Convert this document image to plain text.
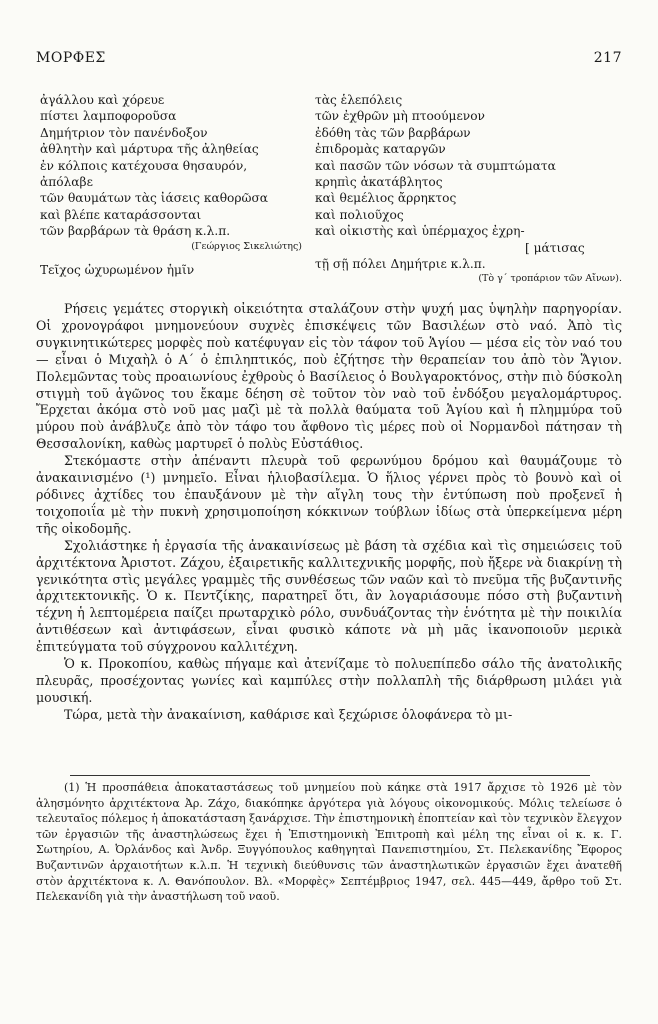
ΜΟΡΦΕΣ	217
ἀγάλλου καὶ χόρευε
πίστει λαμποφοροῦσα
Δημήτριον τὸν πανένδοξον
ἀθλητὴν καὶ μάρτυρα τῆς ἀληθείας
ἐν κόλποις κατέχουσα θησαυρόν,
ἀπόλαβε
τῶν θαυμάτων τὰς ἰάσεις καθορῶσα
καὶ βλέπε καταράσσονται
τῶν βαρβάρων τὰ θράση κ.λ.π.
(Γεώργιος Σικελιώτης)
Τεῖχος ὠχυρωμένον ἡμῖν
τὰς ἑλεπόλεις
τῶν ἐχθρῶν μὴ πτοούμενον
ἐδόθη τὰς τῶν βαρβάρων
ἐπιδρομὰς καταργῶν
καὶ πασῶν τῶν νόσων τὰ συμπτώματα
κρηπὶς ἀκατάβλητος
καὶ θεμέλιος ἄρρηκτος
καὶ πολιοῦχος
καὶ οἰκιστὴς καὶ ὑπέρμαχος ἐχρη-
[ μάτισας
τῇ σῇ πόλει Δημήτριε κ.λ.π.
(Τὸ γ΄ τροπάριον τῶν Αἴνων).

Ρήσεις γεμάτες στοργικὴ οἰκειότητα σταλάζουν στὴν ψυχή μας ὑψηλὴν παρηγορίαν. Οἱ χρονογράφοι μνημονεύουν συχνὲς ἐπισκέψεις τῶν Βασιλέων στὸ ναό. Ἀπὸ τὶς συγκινητικώτερες μορφὲς ποὺ κατέφυγαν εἰς τὸν τάφον τοῦ Ἁγίου — μέσα εἰς τὸν ναό του — εἶναι ὁ Μιχαὴλ ὁ Α΄ ὁ ἐπιληπτικός, ποὺ ἐζήτησε τὴν θεραπείαν του ἀπὸ τὸν Ἅγιον. Πολεμῶντας τοὺς προαιωνίους ἐχθροὺς ὁ Βασίλειος ὁ Βουλγαροκτόνος, στὴν πιὸ δύσκολη στιγμὴ τοῦ ἀγῶνος του ἔκαμε δέηση σὲ τοῦτον τὸν ναὸ τοῦ ἐνδόξου μεγαλομάρτυρος. Ἔρχεται ἀκόμα στὸ νοῦ μας μαζὶ μὲ τὰ πολλὰ θαύματα τοῦ Ἁγίου καὶ ἡ πλημμύρα τοῦ μύρου ποὺ ἀνάβλυζε ἀπὸ τὸν τάφο του ἄφθονο τὶς μέρες ποὺ οἱ Νορμανδοὶ πάτησαν τὴ Θεσσαλονίκη, καθὼς μαρτυρεῖ ὁ πολὺς Εὐστάθιος.

Στεκόμαστε στὴν ἀπέναντι πλευρὰ τοῦ φερωνύμου δρόμου καὶ θαυμάζουμε τὸ ἀνακαινισμένο (¹) μνημεῖο. Εἶναι ἡλιοβασίλεμα. Ὁ ἥλιος γέρνει πρὸς τὸ βουνὸ καὶ οἱ ρόδινες ἀχτίδες του ἐπαυξάνουν μὲ τὴν αἴγλη τους τὴν ἐντύπωση ποὺ προξενεῖ ἡ τοιχοποιΐα μὲ τὴν πυκνὴ χρησιμοποίηση κόκκινων τούβλων ἰδίως στὰ ὑπερκείμενα μέρη τῆς οἰκοδομῆς.

Σχολιάστηκε ἡ ἐργασία τῆς ἀνακαινίσεως μὲ βάση τὰ σχέδια καὶ τὶς σημειώσεις τοῦ ἀρχιτέκτονα Ἀριστοτ. Ζάχου, ἐξαιρετικῆς καλλιτεχνικῆς μορφῆς, ποὺ ἤξερε νὰ διακρίνῃ τὴ γενικότητα στὶς μεγάλες γραμμὲς τῆς συνθέσεως τῶν ναῶν καὶ τὸ πνεῦμα τῆς βυζαντινῆς ἀρχιτεκτονικῆς. Ὁ κ. Πεντζίκης, παρατηρεῖ ὅτι, ἂν λογαριάσουμε πόσο στὴ βυζαντινὴ τέχνη ἡ λεπτομέρεια παίζει πρωταρχικὸ ρόλο, συνδυάζοντας τὴν ἑνότητα μὲ τὴν ποικιλία ἀντιθέσεων καὶ ἀντιφάσεων, εἶναι φυσικὸ κάποτε νὰ μὴ μᾶς ἱκανοποιοῦν μερικὰ ἐπιτεύγματα τοῦ σύγχρονου καλλιτέχνη.

Ὁ κ. Προκοπίου, καθὼς πήγαμε καὶ ἀτενίζαμε τὸ πολυεπίπεδο σάλο τῆς ἀνατολικῆς πλευρᾶς, προσέχοντας γωνίες καὶ καμπύλες στὴν πολλαπλὴ τῆς διάρθρωση μιλάει γιὰ μουσική.

Τώρα, μετὰ τὴν ἀνακαίνιση, καθάρισε καὶ ξεχώρισε ὁλοφάνερα τὸ μι-

(1) Ἡ προσπάθεια ἀποκαταστάσεως τοῦ μνημείου ποὺ κάηκε στὰ 1917 ἄρχισε τὸ 1926 μὲ τὸν ἀλησμόνητο ἀρχιτέκτονα Ἀρ. Ζάχο, διακόπηκε ἀργότερα γιὰ λόγους οἰκονομικούς. Μόλις τελείωσε ὁ τελευταῖος πόλεμος ἡ ἀποκατάσταση ξανάρχισε. Τὴν ἐπιστημονικὴ ἐποπτείαν καὶ τὸν τεχνικὸν ἔλεγχον τῶν ἐργασιῶν τῆς ἀναστηλώσεως ἔχει ἡ Ἐπιστημονικὴ Ἐπιτροπὴ καὶ μέλη της εἶναι οἱ κ. κ. Γ. Σωτηρίου, Α. Ὀρλάνδος καὶ Ἀνδρ. Ξυγγόπουλος καθηγηταὶ Πανεπιστημίου, Στ. Πελεκανίδης Ἔφορος Βυζαντινῶν ἀρχαιοτήτων κ.λ.π. Ἡ τεχνικὴ διεύθυνσις τῶν ἀναστηλωτικῶν ἐργασιῶν ἔχει ἀνατεθῆ στὸν ἀρχιτέκτονα κ. Λ. Θανόπουλον. Βλ. «Μορφὲς» Σεπτέμβριος 1947, σελ. 445—449, ἄρθρο τοῦ Στ. Πελεκανίδη γιὰ τὴν ἀναστήλωση τοῦ ναοῦ.
